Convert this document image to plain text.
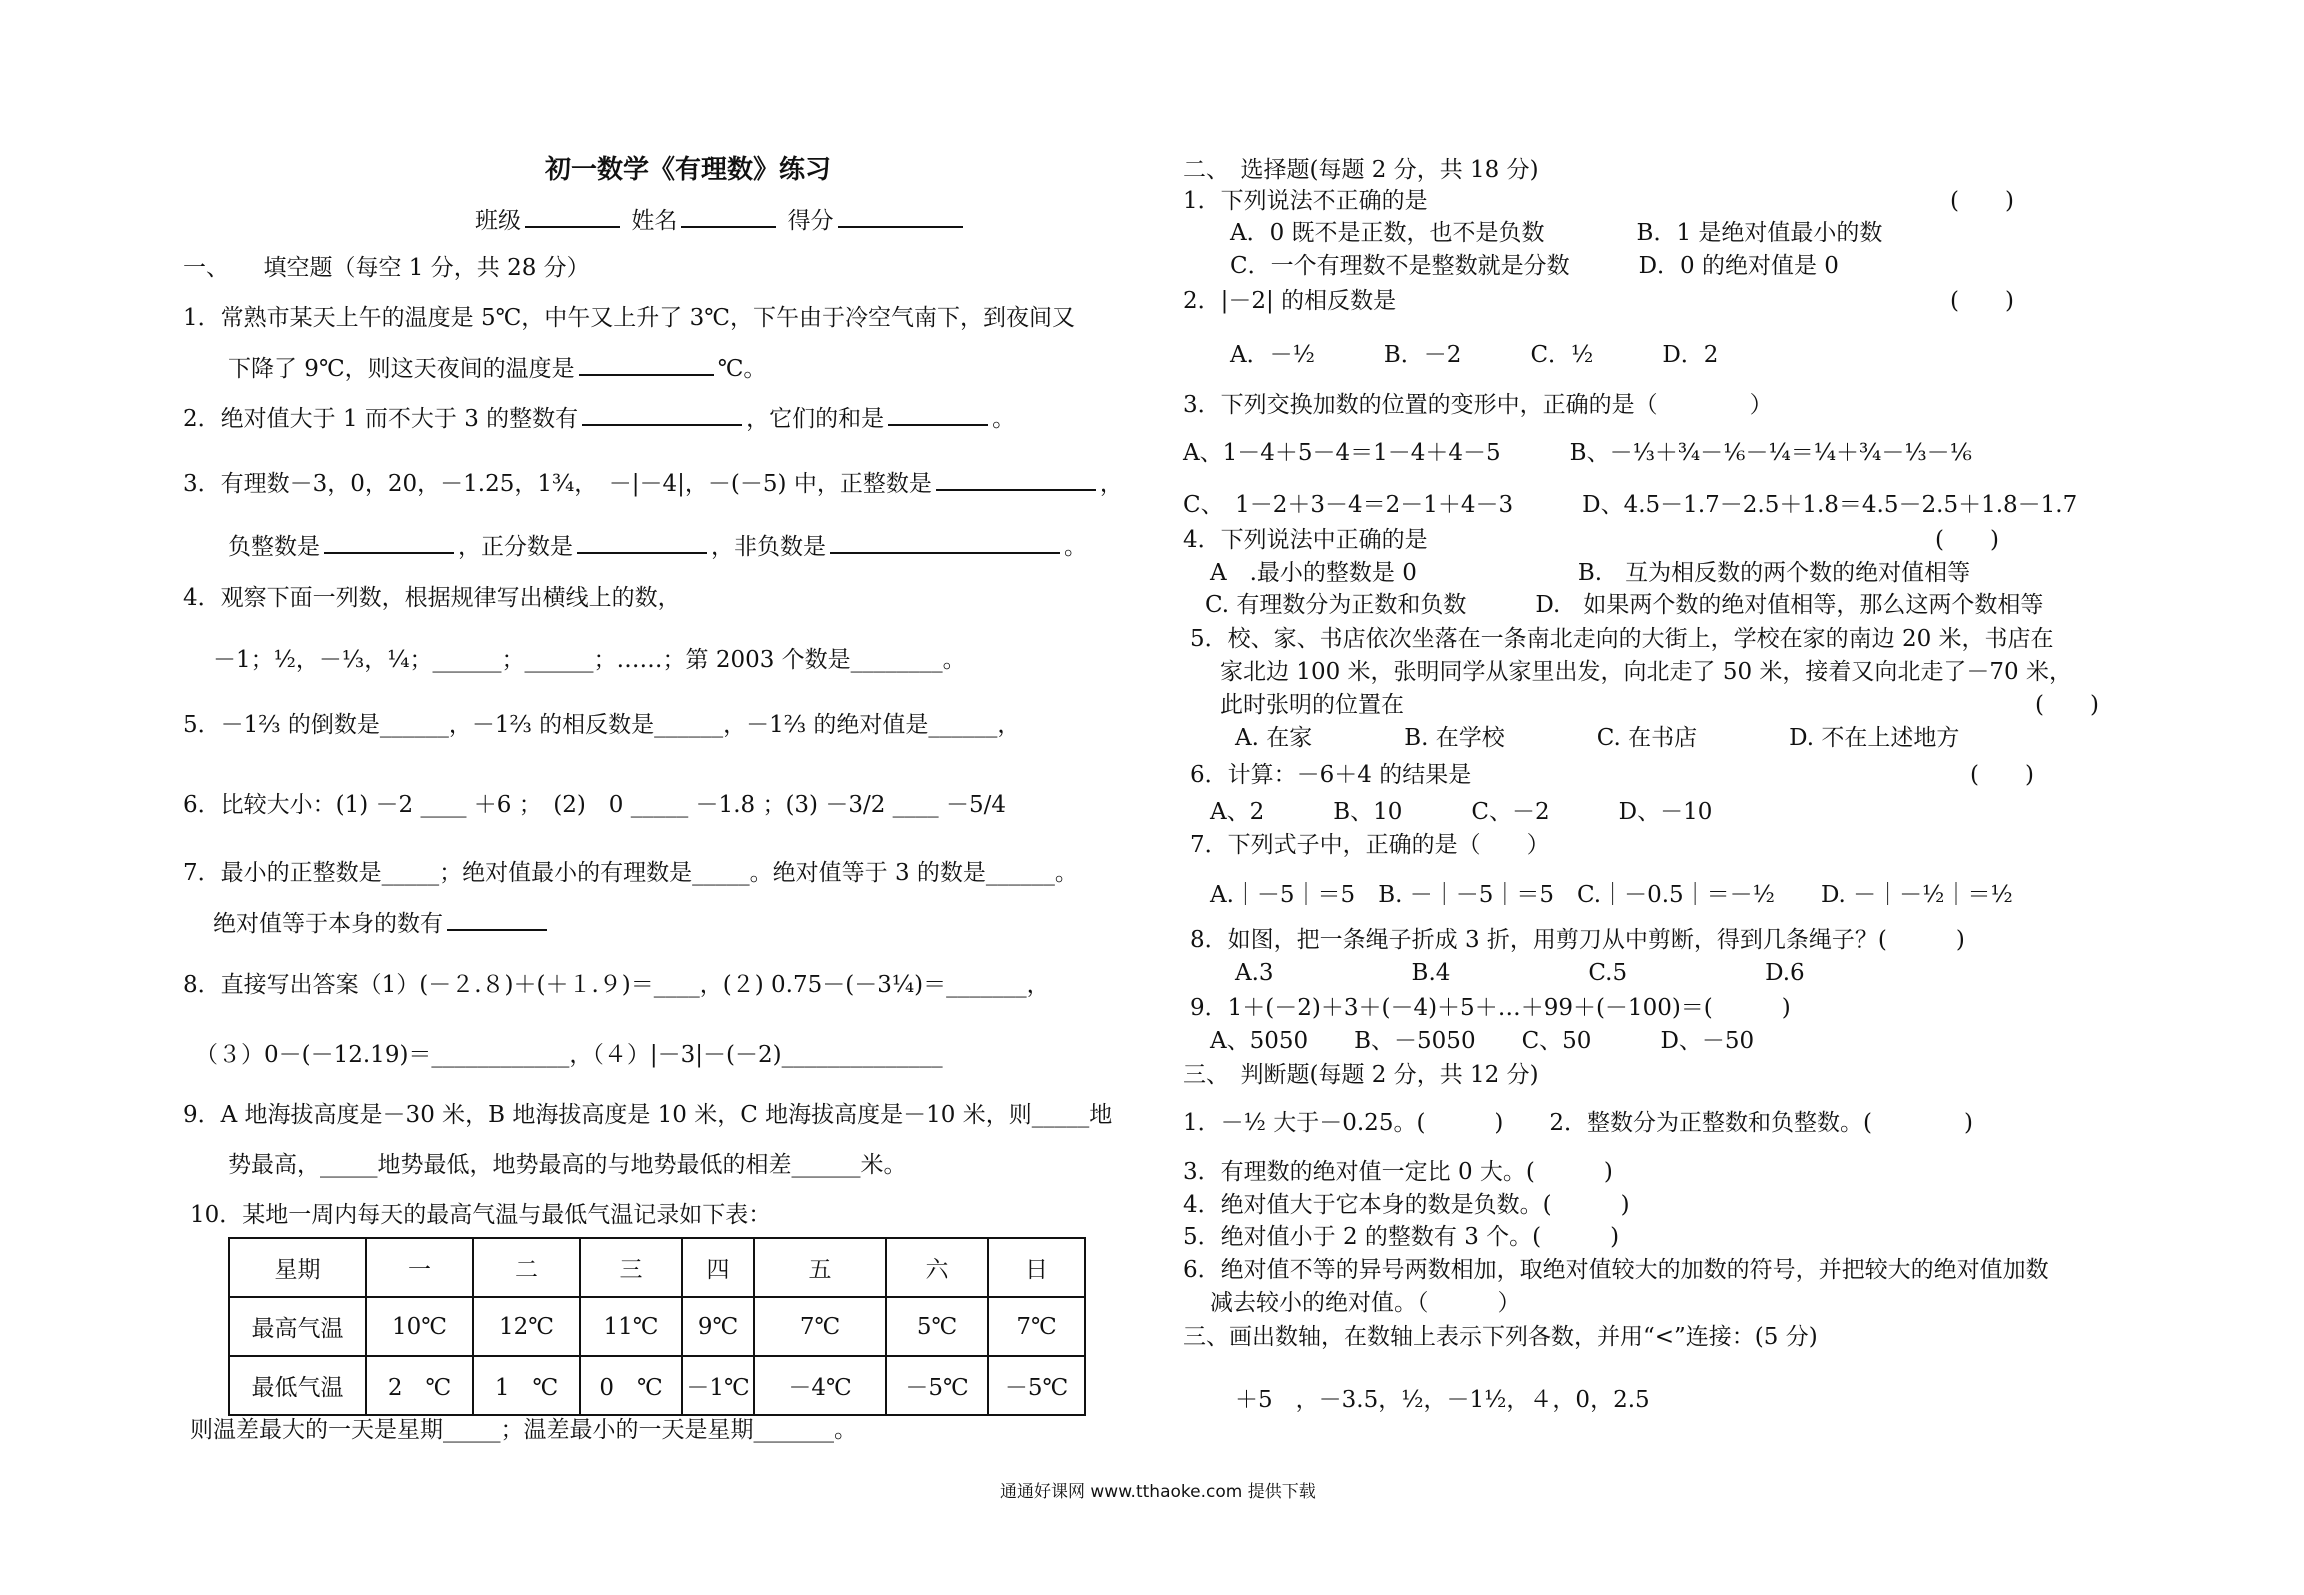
初一数学《有理数》练习
班级	姓名	得分
一、　　填空题（每空 1 分，共 28 分）
1．常熟市某天上午的温度是 5℃，中午又上升了 3℃，下午由于冷空气南下，到夜间又
下降了 9℃，则这天夜间的温度是	℃。
2．绝对值大于 1 而不大于 3 的整数有	，它们的和是	。
3．有理数－3，0，20，－1.25，1¾，　－|－4|，－(－5) 中，正整数是	，
负整数是	，正分数是	，非负数是	。
4．观察下面一列数，根据规律写出横线上的数，
－1；½，－⅓，¼；______；______；……；第 2003 个数是________。
5．－1⅔ 的倒数是______，－1⅔ 的相反数是______，－1⅔ 的绝对值是______，
6．比较大小：(1) －2 ____ ＋6 ；　(2)　0 _____ －1.8 ；(3) －3/2 ____ －5/4
7．最小的正整数是_____；绝对值最小的有理数是_____。绝对值等于 3 的数是______。
绝对值等于本身的数有
8．直接写出答案（1）(－２.８)＋(＋１.９)＝____，(２) 0.75－(－3¼)＝_______，
（３）0－(－12.19)＝____________，（４）|－3|－(－2)______________
9．A 地海拔高度是－30 米，B 地海拔高度是 10 米，C 地海拔高度是－10 米，则_____地
势最高，_____地势最低，地势最高的与地势最低的相差______米。
10．某地一周内每天的最高气温与最低气温记录如下表：
星期	一	二	三	四	五	六	日
最高气温	10℃	12℃	11℃	9℃	7℃	5℃	7℃
最低气温	2　℃	1　℃	0　℃	－1℃	－4℃	－5℃	－5℃
则温差最大的一天是星期_____；温差最小的一天是星期_______。
二、　选择题(每题 2 分，共 18 分)
1．下列说法不正确的是	(　　)
A．0 既不是正数，也不是负数　　　　B．1 是绝对值最小的数
C．一个有理数不是整数就是分数　　　D．0 的绝对值是 0
2．|－2| 的相反数是	(　　)
A．－½　　　B．－2　　　C．½　　　D．2
3．下列交换加数的位置的变形中，正确的是（　　　　）
A、1－4＋5－4＝1－4＋4－5　　　B、－⅓＋¾－⅙－¼＝¼＋¾－⅓－⅙
C、　1－2＋3－4＝2－1＋4－3　　　D、4.5－1.7－2.5＋1.8＝4.5－2.5＋1.8－1.7
4．下列说法中正确的是	(　　)
A　.最小的整数是 0　　　　　　　B.　互为相反数的两个数的绝对值相等
C. 有理数分为正数和负数　　　D.　如果两个数的绝对值相等，那么这两个数相等
5．校、家、书店依次坐落在一条南北走向的大街上，学校在家的南边 20 米，书店在
家北边 100 米，张明同学从家里出发，向北走了 50 米，接着又向北走了－70 米，
此时张明的位置在	(　　)
A. 在家　　　　B. 在学校　　　　C. 在书店　　　　D. 不在上述地方
6．计算：－6＋4 的结果是	(　　)
A、2　　　B、10　　　C、－2　　　D、－10
7．下列式子中，正确的是（　　）
A.｜－5｜＝5　B. －｜－5｜＝5　C.｜－0.5｜＝－½　　D. －｜－½｜＝½
8．如图，把一条绳子折成 3 折，用剪刀从中剪断，得到几条绳子？(　　　)
A.3　　　　　　B.4　　　　　　C.5　　　　　　D.6
9．1＋(－2)＋3＋(－4)＋5＋…＋99＋(－100)＝(　　　)
A、5050　　B、－5050　　C、50　　　D、－50
三、　判断题(每题 2 分，共 12 分)
1．－½ 大于－0.25。(　　　)　　2．整数分为正整数和负整数。(　　　　)
3．有理数的绝对值一定比 0 大。(　　　)
4．绝对值大于它本身的数是负数。(　　　)
5．绝对值小于 2 的整数有 3 个。(　　　)
6．绝对值不等的异号两数相加，取绝对值较大的加数的符号，并把较大的绝对值加数
减去较小的绝对值。（　　　）
三、画出数轴，在数轴上表示下列各数，并用“<”连接：(5 分)
＋5　，－3.5，½，－1½，４，0，2.5
通通好课网 www.tthaoke.com 提供下载
